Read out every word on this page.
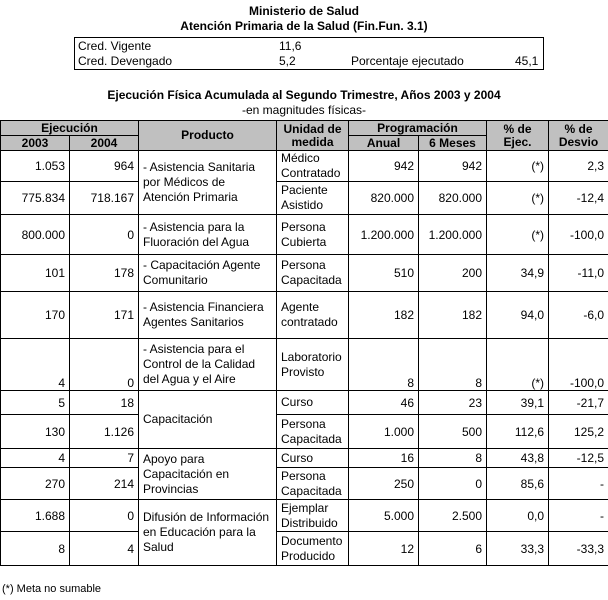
Ministerio de Salud
Atención Primaria de la Salud (Fin.Fun. 3.1)
Cred. Vigente	11,6
Cred. Devengado	5,2	Porcentaje ejecutado	45,1
Ejecución Física Acumulada al Segundo Trimestre, Años 2003 y 2004
-en magnitudes físicas-
Ejecución		Producto	Unidad de medida	Programación		% de Ejec.	% de Desvio
2003	2004			Anual	6 Meses		
1.053	964	- Asistencia Sanitaria por Médicos de Atención Primaria	Médico Contratado	942	942	(*)	2,3
775.834	718.167		Paciente Asistido	820.000	820.000	(*)	-12,4
800.000	0	- Asistencia para la Fluoración del Agua	Persona Cubierta	1.200.000	1.200.000	(*)	-100,0
101	178	- Capacitación Agente Comunitario	Persona Capacitada	510	200	34,9	-11,0
170	171	- Asistencia Financiera Agentes Sanitarios	Agente contratado	182	182	94,0	-6,0
4	0	- Asistencia para el Control de la Calidad del Agua y el Aire	Laboratorio Provisto	8	8	(*)	-100,0
5	18	Capacitación	Curso	46	23	39,1	-21,7
130	1.126		Persona Capacitada	1.000	500	112,6	125,2
4	7	Apoyo para Capacitación en Provincias	Curso	16	8	43,8	-12,5
270	214		Persona Capacitada	250	0	85,6	-
1.688	0	Difusión de Información en Educación para la Salud	Ejemplar Distribuido	5.000	2.500	0,0	-
8	4		Documento Producido	12	6	33,3	-33,3
(*) Meta no sumable
